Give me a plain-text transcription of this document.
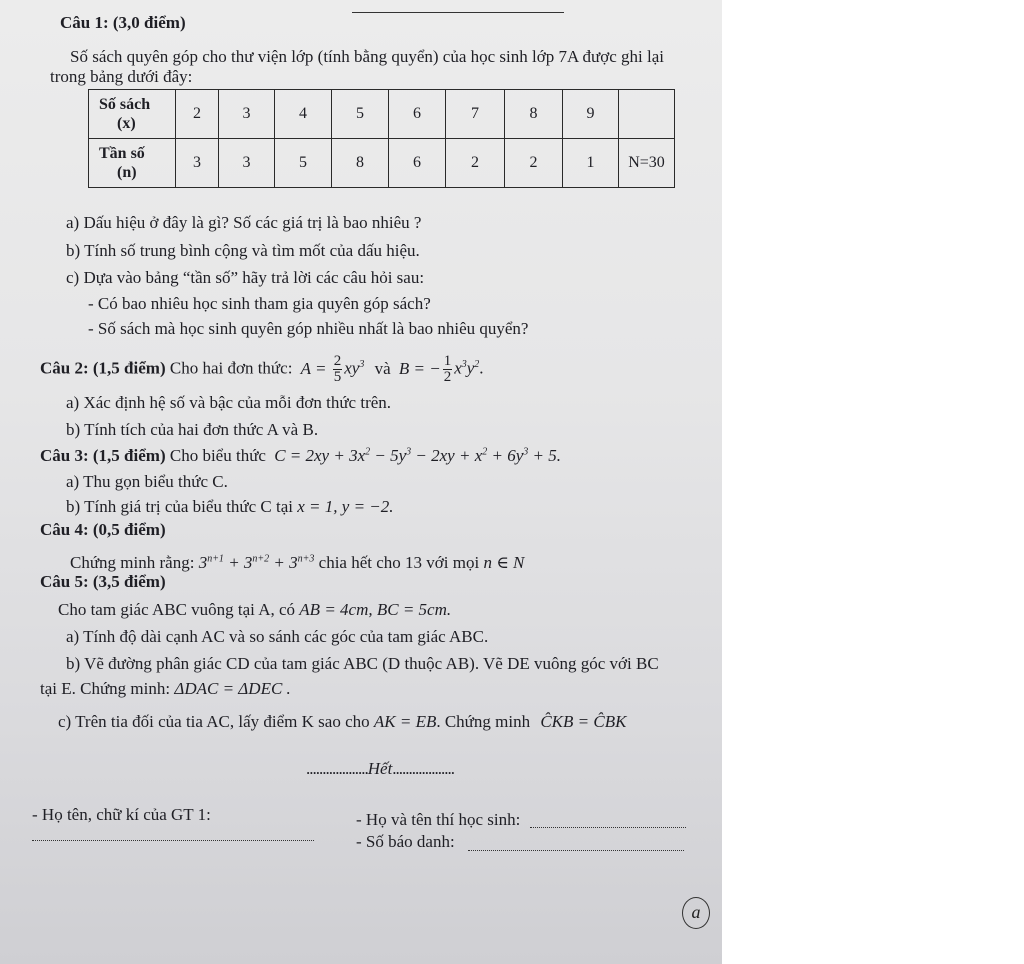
Câu 1: (3,0 điểm)
Số sách quyên góp cho thư viện lớp (tính bằng quyển) của học sinh lớp 7A được ghi lại
trong bảng dưới đây:
Số sách
(x)	2	3	4	5	6	7	8	9	
Tần số
(n)	3	3	5	8	6	2	2	1	N=30
a) Dấu hiệu ở đây là gì? Số các giá trị là bao nhiêu ?
b) Tính số trung bình cộng và tìm mốt của dấu hiệu.
c) Dựa vào bảng “tần số” hãy trả lời các câu hỏi sau:
- Có bao nhiêu học sinh tham gia quyên góp sách?
- Số sách mà học sinh quyên góp nhiều nhất là bao nhiêu quyển?
Câu 2: (1,5 điểm) Cho hai đơn thức: $A = \frac{2}{5} xy^3$ và B = − $\frac{1}{2} x^3y^2$.
a) Xác định hệ số và bậc của mỗi đơn thức trên.
b) Tính tích của hai đơn thức A và B.
Câu 3: (1,5 điểm) Cho biểu thức $C = 2xy + 3x^2 - 5y^3 - 2xy + x^2 + 6y^3 + 5$.
a) Thu gọn biểu thức C.
b) Tính giá trị của biểu thức C tại x = 1, y = −2.
Câu 4: (0,5 điểm)
Chứng minh rằng: $3^{n+1} + 3^{n+2} + 3^{n+3}$ chia hết cho 13 với mọi n ∈ N
Câu 5: (3,5 điểm)
Cho tam giác ABC vuông tại A, có AB = 4cm, BC = 5cm.
a) Tính độ dài cạnh AC và so sánh các góc của tam giác ABC.
b) Vẽ đường phân giác CD của tam giác ABC (D thuộc AB). Vẽ DE vuông góc với BC
tại E. Chứng minh: ΔDAC = ΔDEC .
c) Trên tia đối của tia AC, lấy điểm K sao cho AK = EB. Chứng minh ĈKB = ĈBK
...................Hết...................
- Họ tên, chữ kí của GT 1:	- Họ và tên thí học sinh:
- Số báo danh:
a
